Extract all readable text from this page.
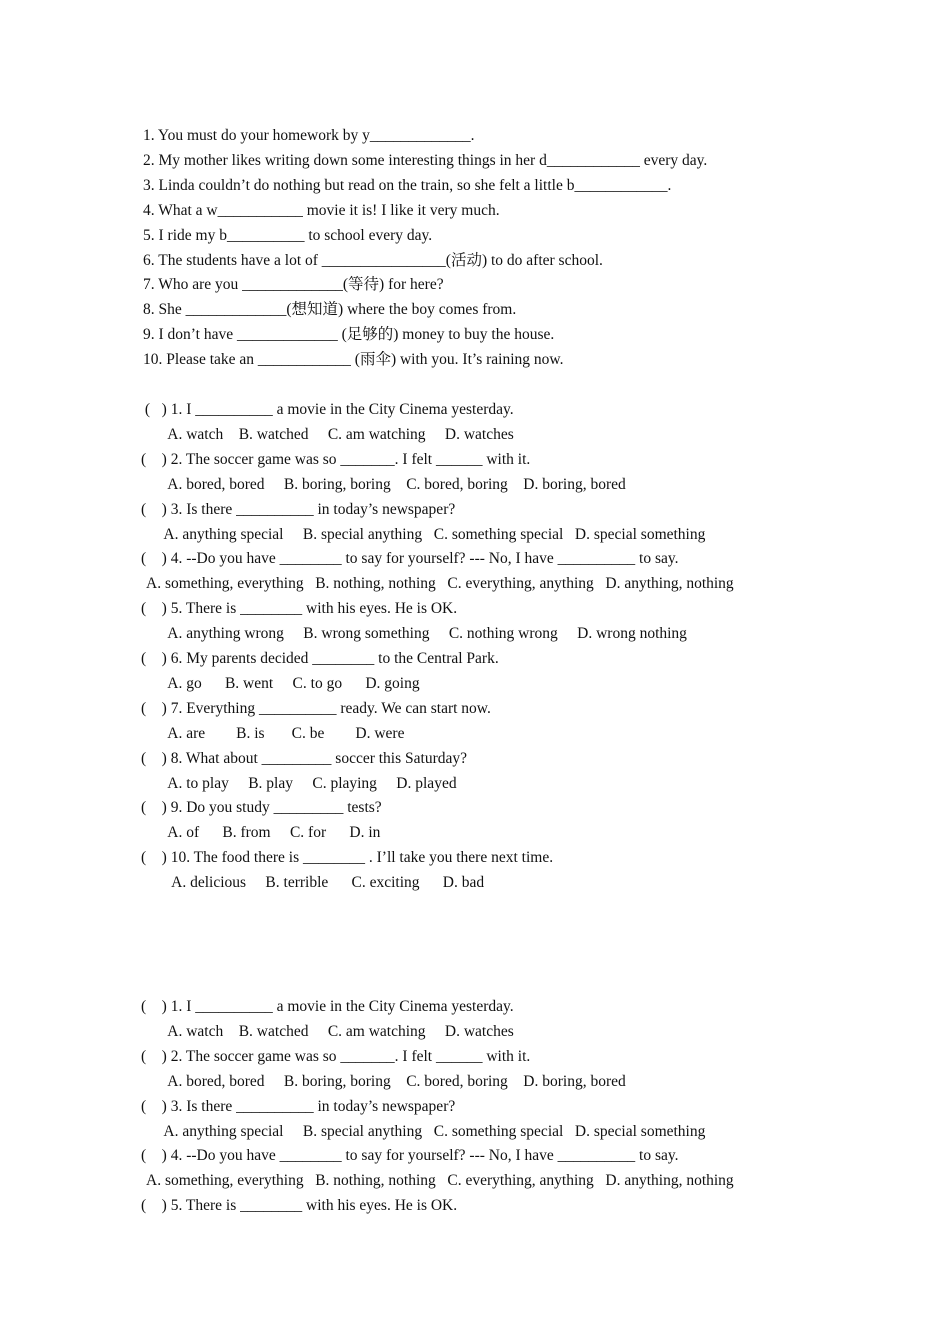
1. You must do your homework by y_____________.
2. My mother likes writing down some interesting things in her d____________ every day.
3. Linda couldn’t do nothing but read on the train, so she felt a little b____________.
4. What a w___________ movie it is! I like it very much.
5. I ride my b__________ to school every day.
6. The students have a lot of ________________(活动) to do after school.
7. Who are you _____________(等待) for here?
8. She _____________(想知道) where the boy comes from.
9. I don’t have _____________ (足够的) money to buy the house.
10. Please take an ____________ (雨伞) with you. It’s raining now.
(   ) 1. I __________ a movie in the City Cinema yesterday.
A. watch    B. watched     C. am watching     D. watches
(    ) 2. The soccer game was so _______. I felt ______ with it.
A. bored, bored     B. boring, boring    C. bored, boring    D. boring, bored
(    ) 3. Is there __________ in today’s newspaper?
A. anything special     B. special anything   C. something special   D. special something
(    ) 4. --Do you have ________ to say for yourself? --- No, I have __________ to say.
A. something, everything   B. nothing, nothing   C. everything, anything   D. anything, nothing
(    ) 5. There is ________ with his eyes. He is OK.
A. anything wrong     B. wrong something     C. nothing wrong     D. wrong nothing
(    ) 6. My parents decided ________ to the Central Park.
A. go      B. went     C. to go      D. going
(    ) 7. Everything __________ ready. We can start now.
A. are        B. is       C. be        D. were
(    ) 8. What about _________ soccer this Saturday?
A. to play     B. play     C. playing     D. played
(    ) 9. Do you study _________ tests?
A. of      B. from     C. for      D. in
(    ) 10. The food there is ________ . I’ll take you there next time.
A. delicious     B. terrible      C. exciting      D. bad
(    ) 1. I __________ a movie in the City Cinema yesterday.
A. watch    B. watched     C. am watching     D. watches
(    ) 2. The soccer game was so _______. I felt ______ with it.
A. bored, bored     B. boring, boring    C. bored, boring    D. boring, bored
(    ) 3. Is there __________ in today’s newspaper?
A. anything special     B. special anything   C. something special   D. special something
(    ) 4. --Do you have ________ to say for yourself? --- No, I have __________ to say.
A. something, everything   B. nothing, nothing   C. everything, anything   D. anything, nothing
(    ) 5. There is ________ with his eyes. He is OK.
